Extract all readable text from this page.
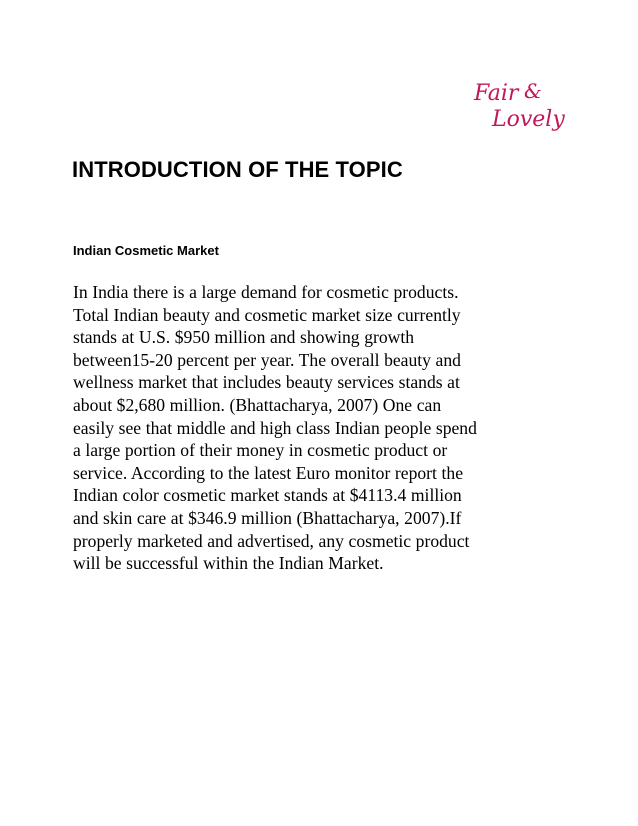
Fair &
Lovely
INTRODUCTION OF THE TOPIC
Indian Cosmetic Market
In India there is a large demand for cosmetic products.
Total Indian beauty and cosmetic market size currently
stands at U.S. $950 million and showing growth
between15-20 percent per year. The overall beauty and
wellness market that includes beauty services stands at
about $2,680 million. (Bhattacharya, 2007) One can
easily see that middle and high class Indian people spend
a large portion of their money in cosmetic product or
service. According to the latest Euro monitor report the
Indian color cosmetic market stands at $4113.4 million
and skin care at $346.9 million (Bhattacharya, 2007).If
properly marketed and advertised, any cosmetic product
will be successful within the Indian Market.
